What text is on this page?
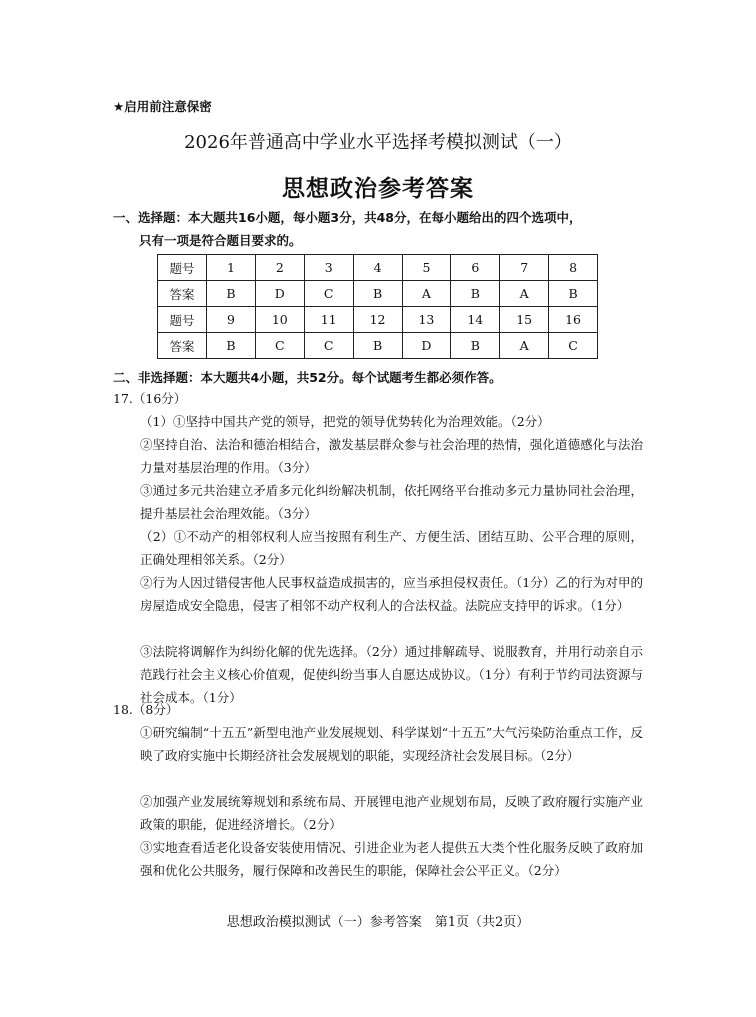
★启用前注意保密
2026年普通高中学业水平选择考模拟测试（一）
思想政治参考答案
一、选择题：本大题共16小题，每小题3分，共48分，在每小题给出的四个选项中，
只有一项是符合题目要求的。
题号	1	2	3	4	5	6	7	8
答案	B	D	C	B	A	B	A	B
题号	9	10	11	12	13	14	15	16
答案	B	C	C	B	D	B	A	C
二、非选择题：本大题共4小题，共52分。每个试题考生都必须作答。
17.（16分）
（1）①坚持中国共产党的领导，把党的领导优势转化为治理效能。（2分）
②坚持自治、法治和德治相结合，激发基层群众参与社会治理的热情，强化道德感化与法治力量对基层治理的作用。（3分）
③通过多元共治建立矛盾多元化纠纷解决机制，依托网络平台推动多元力量协同社会治理，提升基层社会治理效能。（3分）
（2）①不动产的相邻权利人应当按照有利生产、方便生活、团结互助、公平合理的原则，正确处理相邻关系。（2分）
②行为人因过错侵害他人民事权益造成损害的，应当承担侵权责任。（1分）乙的行为对甲的房屋造成安全隐患，侵害了相邻不动产权利人的合法权益。法院应支持甲的诉求。（1分）
③法院将调解作为纠纷化解的优先选择。（2分）通过排解疏导、说服教育，并用行动亲自示范践行社会主义核心价值观，促使纠纷当事人自愿达成协议。（1分）有利于节约司法资源与社会成本。（1分）
18.（8分）
①研究编制“十五五”新型电池产业发展规划、科学谋划“十五五”大气污染防治重点工作，反映了政府实施中长期经济社会发展规划的职能，实现经济社会发展目标。（2分）
②加强产业发展统筹规划和系统布局、开展锂电池产业规划布局，反映了政府履行实施产业政策的职能，促进经济增长。（2分）
③实地查看适老化设备安装使用情况、引进企业为老人提供五大类个性化服务反映了政府加强和优化公共服务，履行保障和改善民生的职能，保障社会公平正义。（2分）
思想政治模拟测试（一）参考答案　第1页（共2页）
